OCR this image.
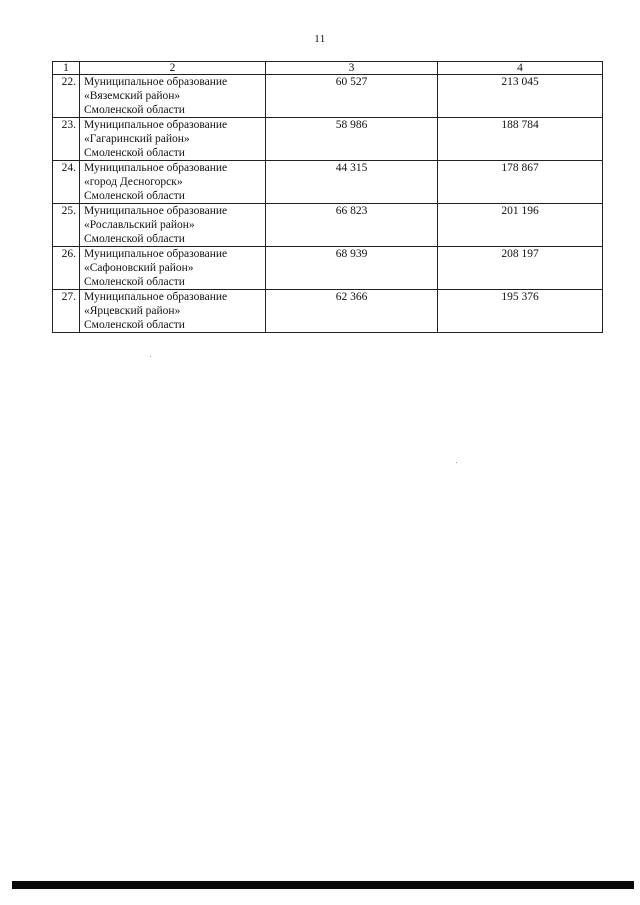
11
1	2	3	4
22.	Муниципальное образование
«Вяземский район»
Смоленской области	60 527	213 045
23.	Муниципальное образование
«Гагаринский район»
Смоленской области	58 986	188 784
24.	Муниципальное образование
«город Десногорск»
Смоленской области	44 315	178 867
25.	Муниципальное образование
«Рославльский район»
Смоленской области	66 823	201 196
26.	Муниципальное образование
«Сафоновский район»
Смоленской области	68 939	208 197
27.	Муниципальное образование
«Ярцевский район»
Смоленской области	62 366	195 376
